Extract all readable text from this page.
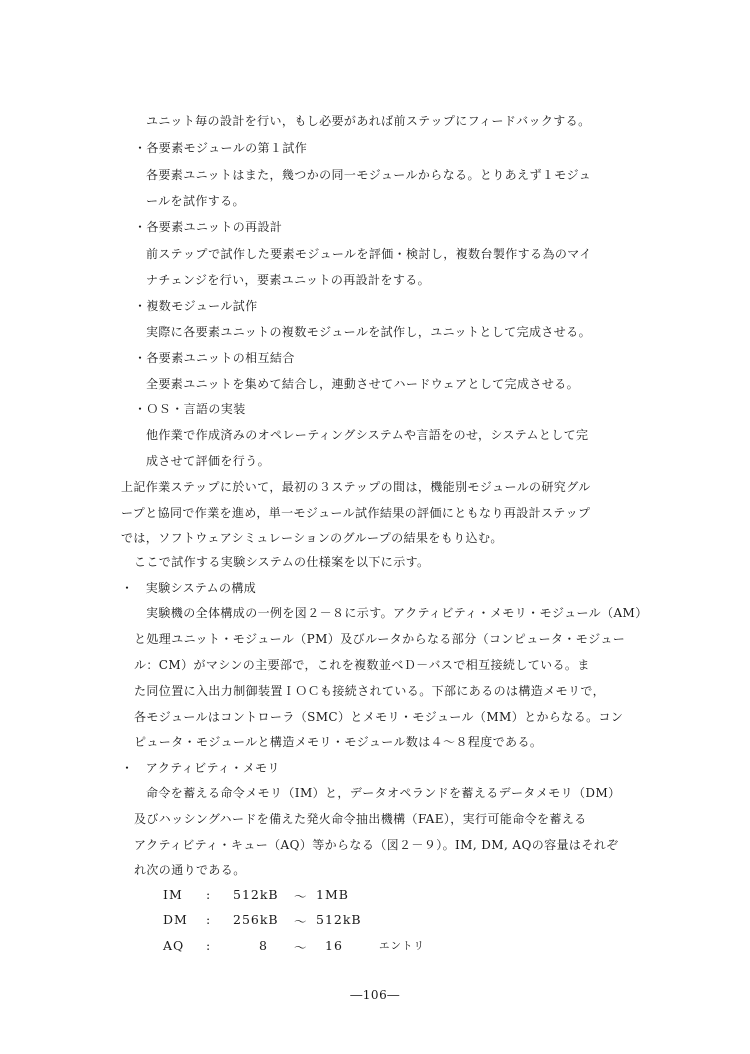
ユニット毎の設計を行い，もし必要があれば前ステップにフィードバックする。
・各要素モジュールの第１試作
各要素ユニットはまた，幾つかの同一モジュールからなる。とりあえず１モジュ
ールを試作する。
・各要素ユニットの再設計
前ステップで試作した要素モジュールを評価・検討し，複数台製作する為のマイ
ナチェンジを行い，要素ユニットの再設計をする。
・複数モジュール試作
実際に各要素ユニットの複数モジュールを試作し，ユニットとして完成させる。
・各要素ユニットの相互結合
全要素ユニットを集めて結合し，連動させてハードウェアとして完成させる。
・ＯＳ・言語の実装
他作業で作成済みのオペレーティングシステムや言語をのせ，システムとして完
成させて評価を行う。
上記作業ステップに於いて，最初の３ステップの間は，機能別モジュールの研究グル
ープと協同で作業を進め，単一モジュール試作結果の評価にともなり再設計ステップ
では，ソフトウェアシミュレーションのグループの結果をもり込む。
ここで試作する実験システムの仕様案を以下に示す。
・　実験システムの構成
実験機の全体構成の一例を図２－８に示す。アクティビティ・メモリ・モジュール（AM）
と処理ユニット・モジュール（PM）及びルータからなる部分（コンピュータ・モジュー
ル：CM）がマシンの主要部で，これを複数並べＤ－バスで相互接続している。ま
た同位置に入出力制御装置ＩＯＣも接続されている。下部にあるのは構造メモリで，
各モジュールはコントローラ（SMC）とメモリ・モジュール（MM）とからなる。コン
ピュータ・モジュールと構造メモリ・モジュール数は４～８程度である。
・　アクティビティ・メモリ
命令を蓄える命令メモリ（IM）と，データオペランドを蓄えるデータメモリ（DM）
及びハッシングハードを備えた発火命令抽出機構（FAE），実行可能命令を蓄える
アクティビティ・キュー（AQ）等からなる（図２－９）。IM, DM, AQの容量はそれぞ
れ次の通りである。
IM : 512kB ～ 1MB
DM : 256kB ～ 512kB
AQ :	8 ～ 16	エントリ
―106―
